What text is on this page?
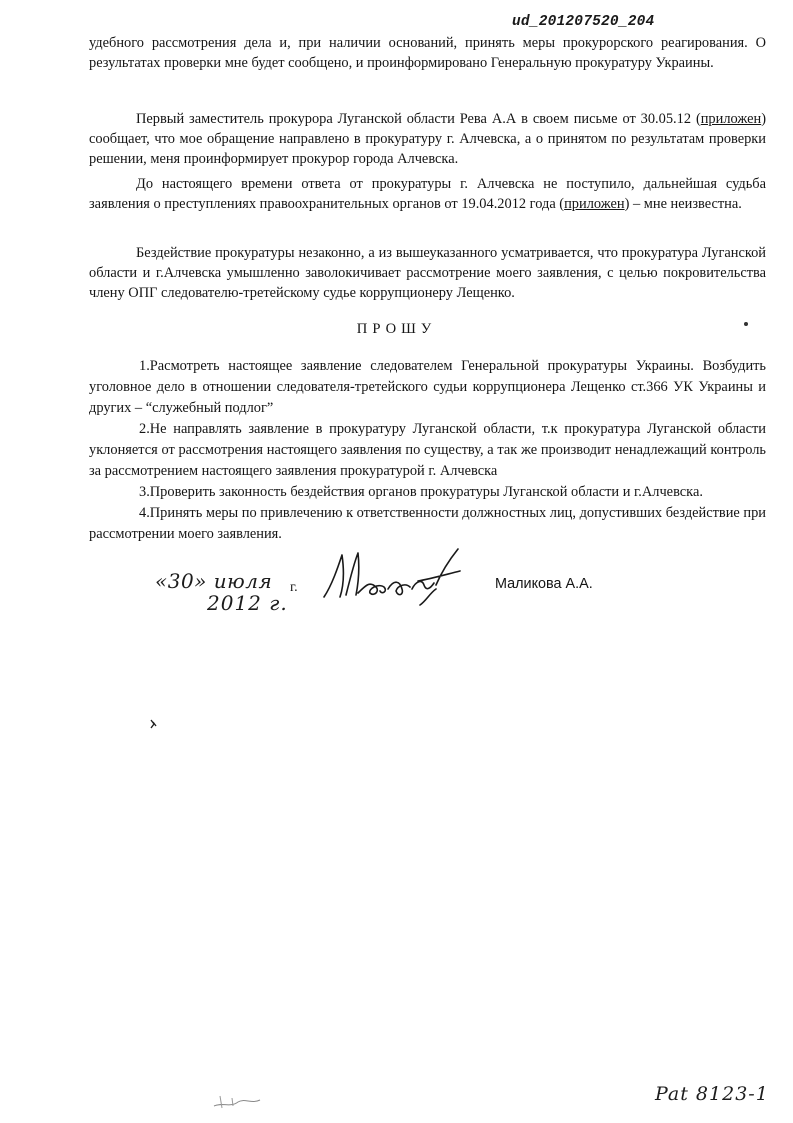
ud_201207520_204

удебного рассмотрения дела и, при наличии оснований, принять меры прокурорского реагирования. О результатах проверки мне будет сообщено, и проинформировано Генеральную прокуратуру Украины.

Первый заместитель прокурора Луганской области Рева А.А в своем письме от 30.05.12 (приложен) сообщает, что мое обращение направлено в прокуратуру г. Алчевска, а о принятом по результатам проверки решении, меня проинформирует прокурор города Алчевска.

До настоящего времени ответа от прокуратуры г. Алчевска не поступило, дальнейшая судьба заявления о преступлениях правоохранительных органов от 19.04.2012 года (приложен) – мне неизвестна.

Бездействие прокуратуры незаконно, а из вышеуказанного усматривается, что прокуратура Луганской области и г.Алчевска умышленно заволокичивает рассмотрение моего заявления, с целью покровительства члену ОПГ следователю-третейскому судье коррупционеру Лещенко.

ПРОШУ

1.Расмотреть настоящее заявление следователем Генеральной прокуратуры Украины. Возбудить уголовное дело в отношении следователя-третейского судьи коррупционера Лещенко ст.366 УК Украины и других – “служебный подлог”

2.Не направлять заявление в прокуратуру Луганской области, т.к прокуратура Луганской области уклоняется от рассмотрения настоящего заявления по существу, а так же производит ненадлежащий контроль за рассмотрением настоящего заявления прокуратурой г. Алчевска

3.Проверить законность бездействия органов прокуратуры Луганской области и г.Алчевска.

4.Принять меры по привлечению к ответственности должностных лиц, допустивших бездействие при рассмотрении моего заявления.

«30» июля
2012 г.
г.	Маликова А.А.
Pat 8123-1
